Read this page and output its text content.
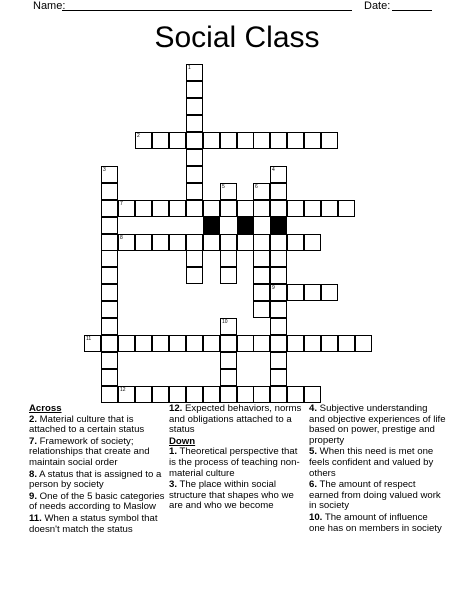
Name:	Date:
Social Class
1
2
3	4
5	6
7
8
9
10
11
12
Across

2. Material culture that is attached to a certain status

7. Framework of society; relationships that create and maintain social order

8. A status that is assigned to a person by society

9. One of the 5 basic categories of needs according to Maslow

11. When a status symbol that doesn't match the status

12. Expected behaviors, norms and obligations attached to a status

Down

1. Theoretical perspective that is the process of teaching non-material culture

3. The place within social structure that shapes who we are and who we become

4. Subjective understanding and objective experiences of life based on power, prestige and property

5. When this need is met one feels confident and valued by others

6. The amount of respect earned from doing valued work in society

10. The amount of influence one has on members in society
